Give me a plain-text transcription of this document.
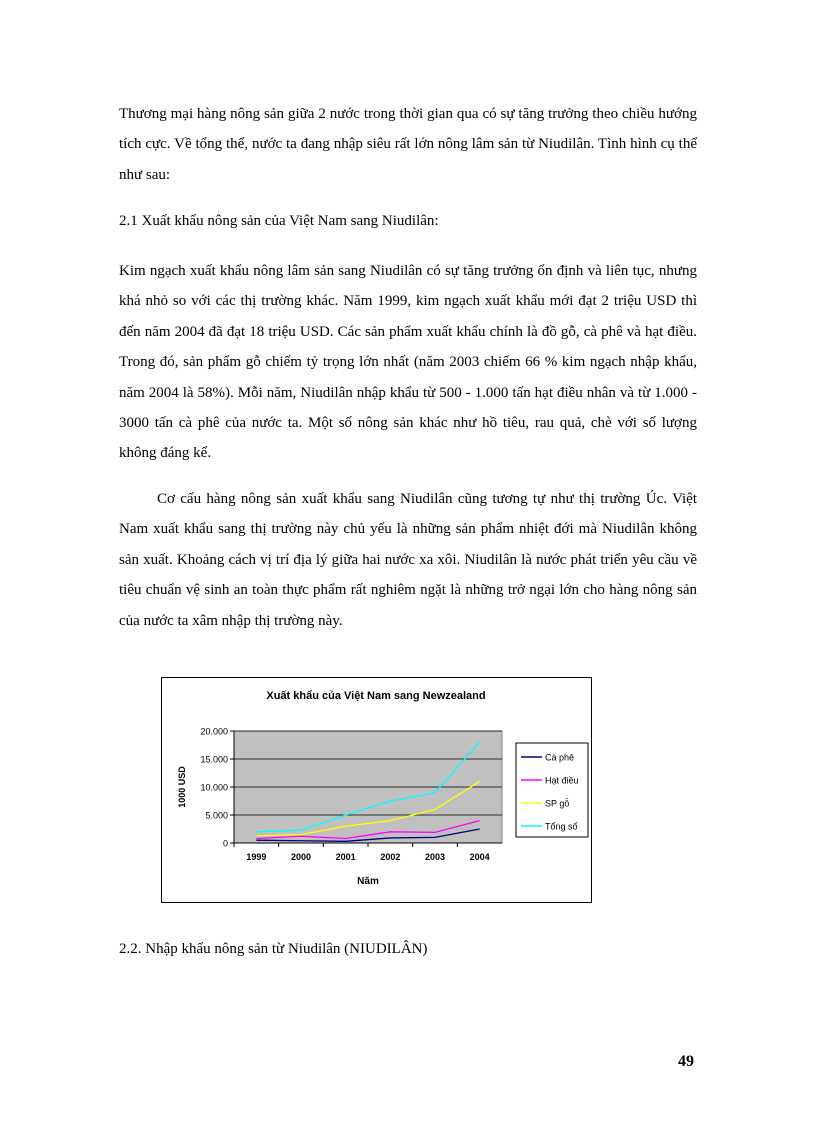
Thương mại hàng nông sản giữa 2 nước trong thời gian qua có sự tăng trưởng theo chiều hướng tích cực. Về tổng thể, nước ta đang nhập siêu rất lớn nông lâm sản từ Niudilân. Tình hình cụ thể như sau:

2.1 Xuất khẩu nông sản của Việt Nam sang Niudilân:

Kim ngạch xuất khẩu nông lâm sản sang Niudilân có sự tăng trưởng ổn định và liên tục, nhưng khá nhỏ so với các thị trường khác. Năm 1999, kim ngạch xuất khẩu mới đạt 2 triệu USD thì đến năm 2004 đã đạt 18 triệu USD. Các sản phẩm xuất khẩu chính là đồ gỗ, cà phê và hạt điều. Trong đó, sản phẩm gỗ chiếm tỷ trọng lớn nhất (năm 2003 chiếm 66 % kim ngạch nhập khẩu, năm 2004 là 58%). Mỗi năm, Niudilân nhập khẩu từ 500 - 1.000 tấn hạt điều nhân và từ 1.000 - 3000 tấn cà phê của nước ta. Một số nông sản khác như hồ tiêu, rau quả, chè với số lượng không đáng kể.

Cơ cấu hàng nông sản xuất khẩu sang Niudilân cũng tương tự như thị trường Úc. Việt Nam xuất khẩu sang thị trường này chủ yếu là những sản phẩm nhiệt đới mà Niudilân không sản xuất. Khoảng cách vị trí địa lý giữa hai nước xa xôi. Niudilân là nước phát triển yêu cầu về tiêu chuẩn vệ sinh an toàn thực phẩm rất nghiêm ngặt là những trở ngại lớn cho hàng nông sản của nước ta xâm nhập thị trường này.

Xuất khẩu của Việt Nam sang Newzealand
0
5.000
10.000
15.000
20.000
1999	2000	2001	2002	2003	2004
1000 USD
Năm
Cà phê
Hạt điều
SP gỗ
Tổng số

2.2. Nhập khẩu nông sản từ Niudilân (NIUDILÂN)

49
